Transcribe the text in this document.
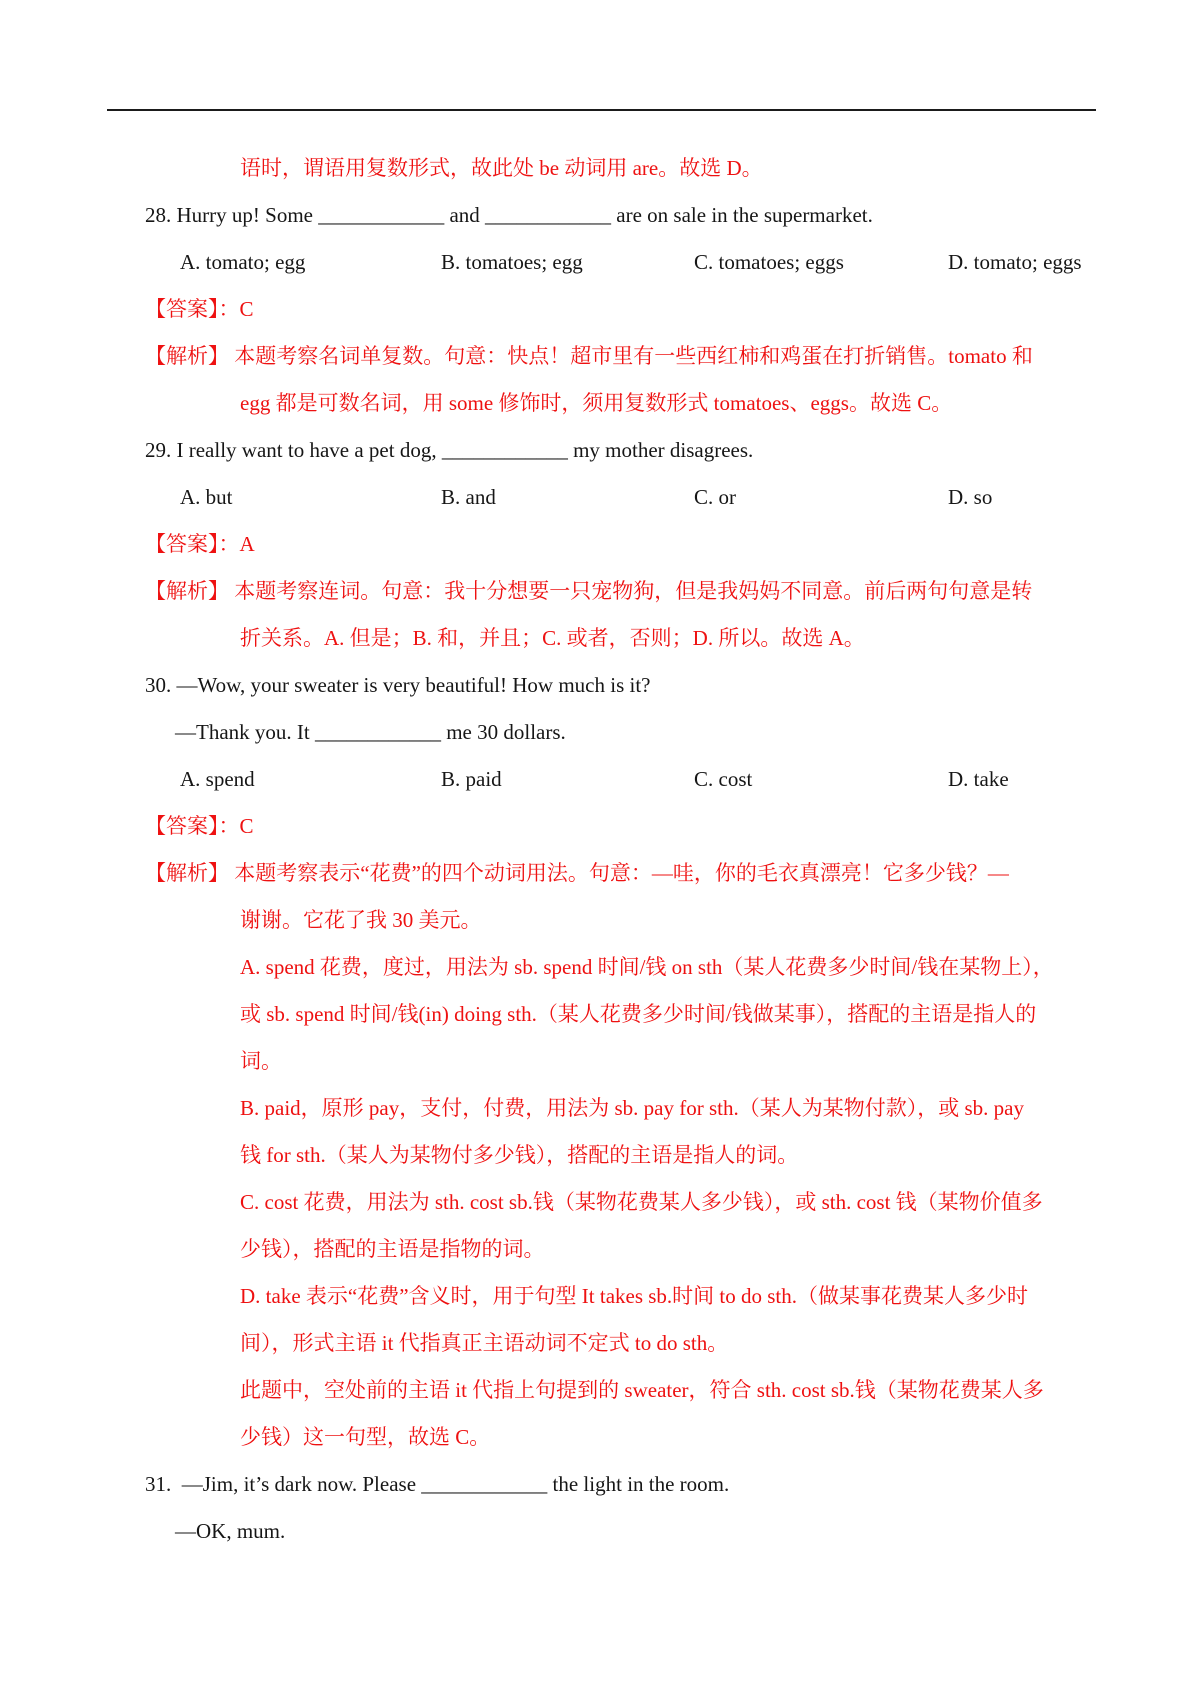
语时，谓语用复数形式，故此处 be 动词用 are。故选 D。
28. Hurry up! Some ____________ and ____________ are on sale in the supermarket.
A. tomato; egg	B. tomatoes; egg	C. tomatoes; eggs	D. tomato; eggs
【答案】：C
【解析】 本题考察名词单复数。句意：快点！超市里有一些西红柿和鸡蛋在打折销售。tomato 和
egg 都是可数名词，用 some 修饰时，须用复数形式 tomatoes、eggs。故选 C。
29. I really want to have a pet dog, ____________ my mother disagrees.
A. but	B. and	C. or	D. so
【答案】：A
【解析】 本题考察连词。句意：我十分想要一只宠物狗，但是我妈妈不同意。前后两句句意是转
折关系。A. 但是；B. 和，并且；C. 或者，否则；D. 所以。故选 A。
30. —Wow, your sweater is very beautiful! How much is it?
—Thank you. It ____________ me 30 dollars.
A. spend	B. paid	C. cost	D. take
【答案】：C
【解析】 本题考察表示“花费”的四个动词用法。句意：—哇，你的毛衣真漂亮！它多少钱？—
谢谢。它花了我 30 美元。
A. spend 花费，度过，用法为 sb. spend 时间/钱 on sth（某人花费多少时间/钱在某物上），
或 sb. spend 时间/钱(in) doing sth.（某人花费多少时间/钱做某事），搭配的主语是指人的
词。
B. paid，原形 pay，支付，付费，用法为 sb. pay for sth.（某人为某物付款），或 sb. pay
钱 for sth.（某人为某物付多少钱），搭配的主语是指人的词。
C. cost 花费，用法为 sth. cost sb.钱（某物花费某人多少钱），或 sth. cost 钱（某物价值多
少钱），搭配的主语是指物的词。
D. take 表示“花费”含义时，用于句型 It takes sb.时间 to do sth.（做某事花费某人多少时
间），形式主语 it 代指真正主语动词不定式 to do sth。
此题中，空处前的主语 it 代指上句提到的 sweater，符合 sth. cost sb.钱（某物花费某人多
少钱）这一句型，故选 C。
31.  —Jim, it’s dark now. Please ____________ the light in the room.
—OK, mum.
